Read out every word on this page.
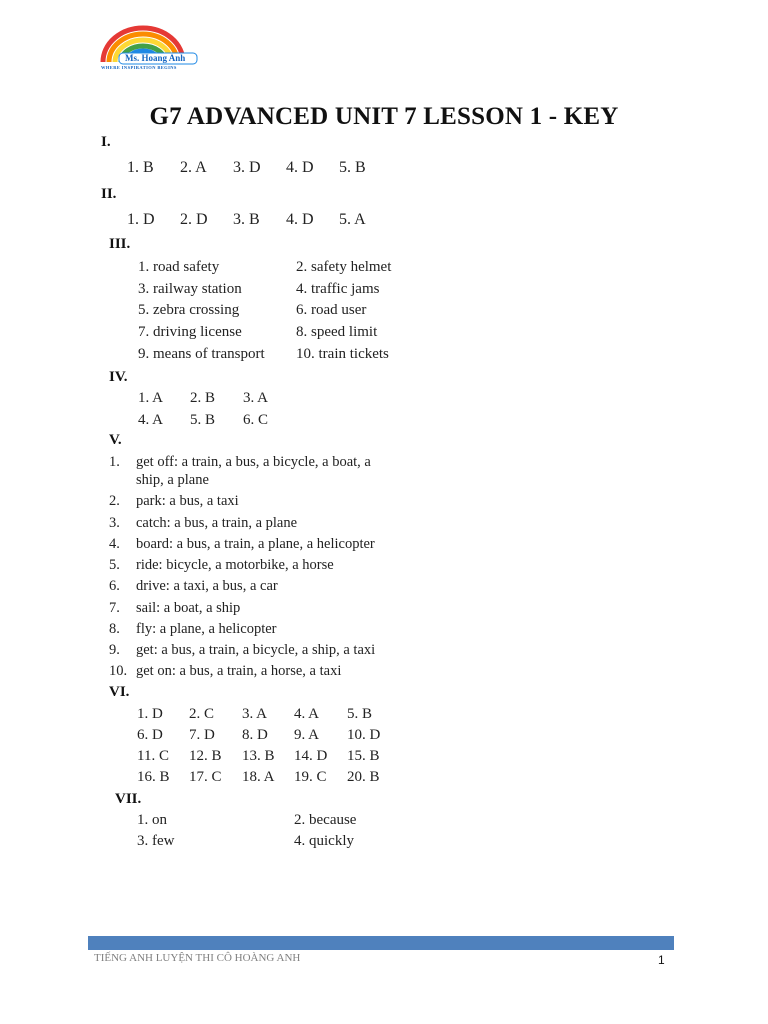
Ms. Hoang Anh
WHERE INSPIRATION BEGINS
G7 ADVANCED UNIT 7 LESSON 1 - KEY
I.
1. B 2. A 3. D 4. D 5. B
II.
1. D 2. D 3. B 4. D 5. A
III.
1. road safety	2. safety helmet
3. railway station	4. traffic jams
5. zebra crossing	6. road user
7. driving license	8. speed limit
9. means of transport 10. train tickets
IV.
1. A 2. B 3. A
4. A 5. B 6. C
V.
1. get off: a train, a bus, a bicycle, a boat, a
ship, a plane
2. park: a bus, a taxi
3. catch: a bus, a train, a plane
4. board: a bus, a train, a plane, a helicopter
5. ride: bicycle, a motorbike, a horse
6. drive: a taxi, a bus, a car
7. sail: a boat, a ship
8. fly: a plane, a helicopter
9. get: a bus, a train, a bicycle, a ship, a taxi
10. get on: a bus, a train, a horse, a taxi
VI.
1. D 2. C 3. A 4. A 5. B
6. D 7. D 8. D 9. A 10. D
11. C 12. B 13. B 14. D 15. B
16. B 17. C 18. A 19. C 20. B
VII.
1. on	2. because
3. few	4. quickly
TIẾNG ANH LUYỆN THI CÔ HOÀNG ANH	1
